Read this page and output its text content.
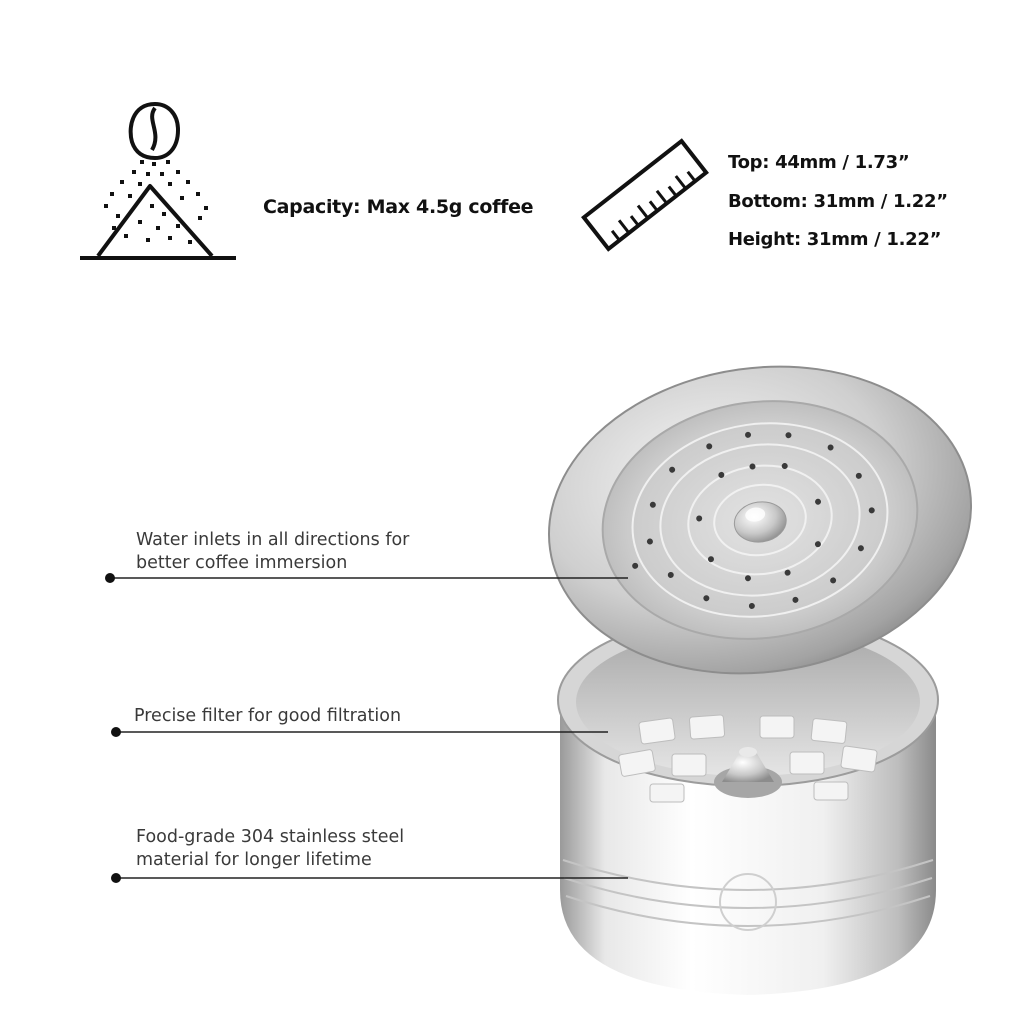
Capacity: Max 4.5g coffee
Top: 44mm / 1.73”
Bottom: 31mm / 1.22”
Height: 31mm / 1.22”
Water inlets in all directions for
better coffee immersion
Precise filter for good filtration
Food-grade 304 stainless steel
material for longer lifetime
